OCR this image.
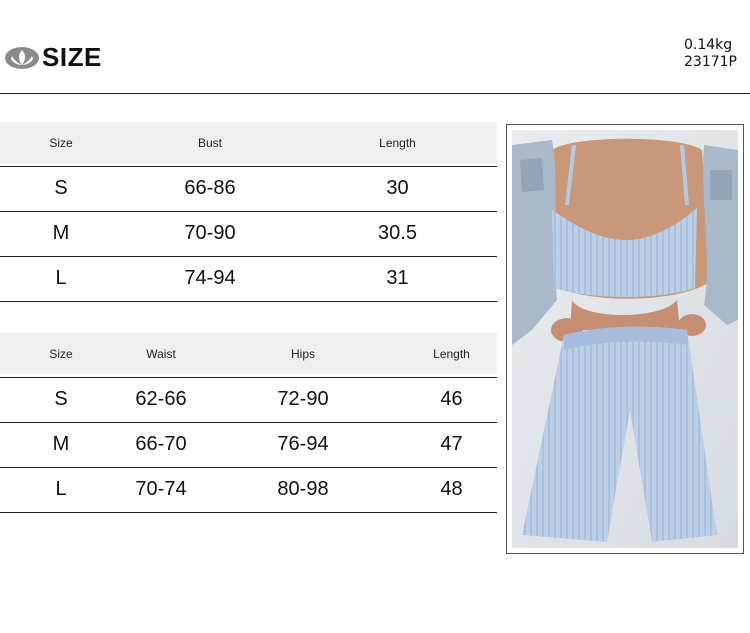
SIZE	0.14kg
23171P
Size	Bust	Length

S	66-86	30
M	70-90	30.5
L	74-94	31
Size	Waist	Hips	Length

S	62-66	72-90	46
M	66-70	76-94	47
L	70-74	80-98	48
